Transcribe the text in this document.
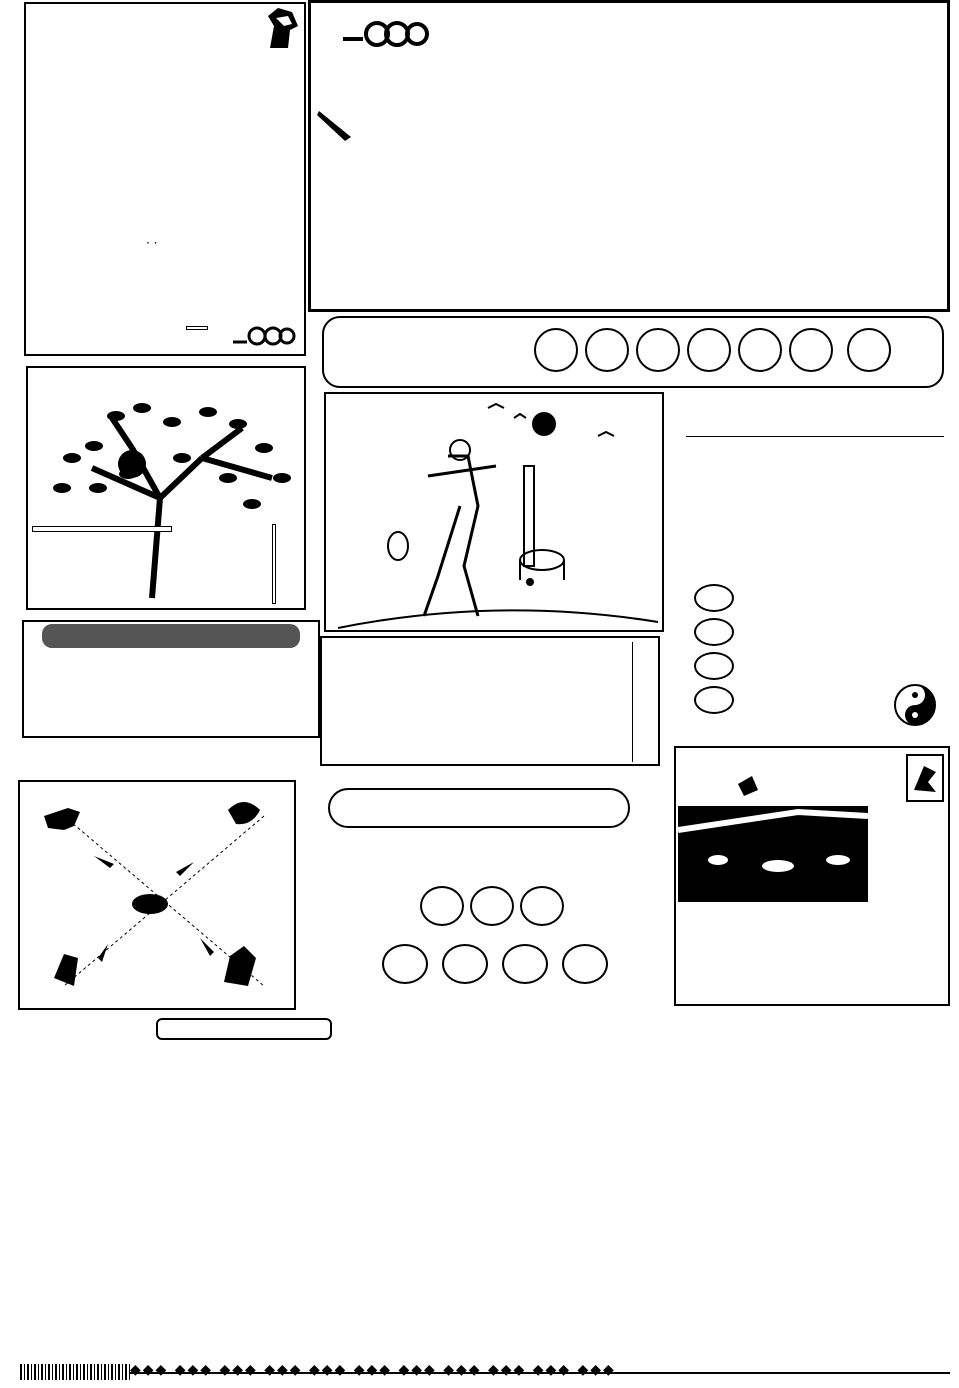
· ·
◆◆◆ ◆◆◆ ◆◆◆ ◆◆◆ ◆◆◆ ◆◆◆ ◆◆◆ ◆◆◆ ◆◆◆ ◆◆◆ ◆◆◆
